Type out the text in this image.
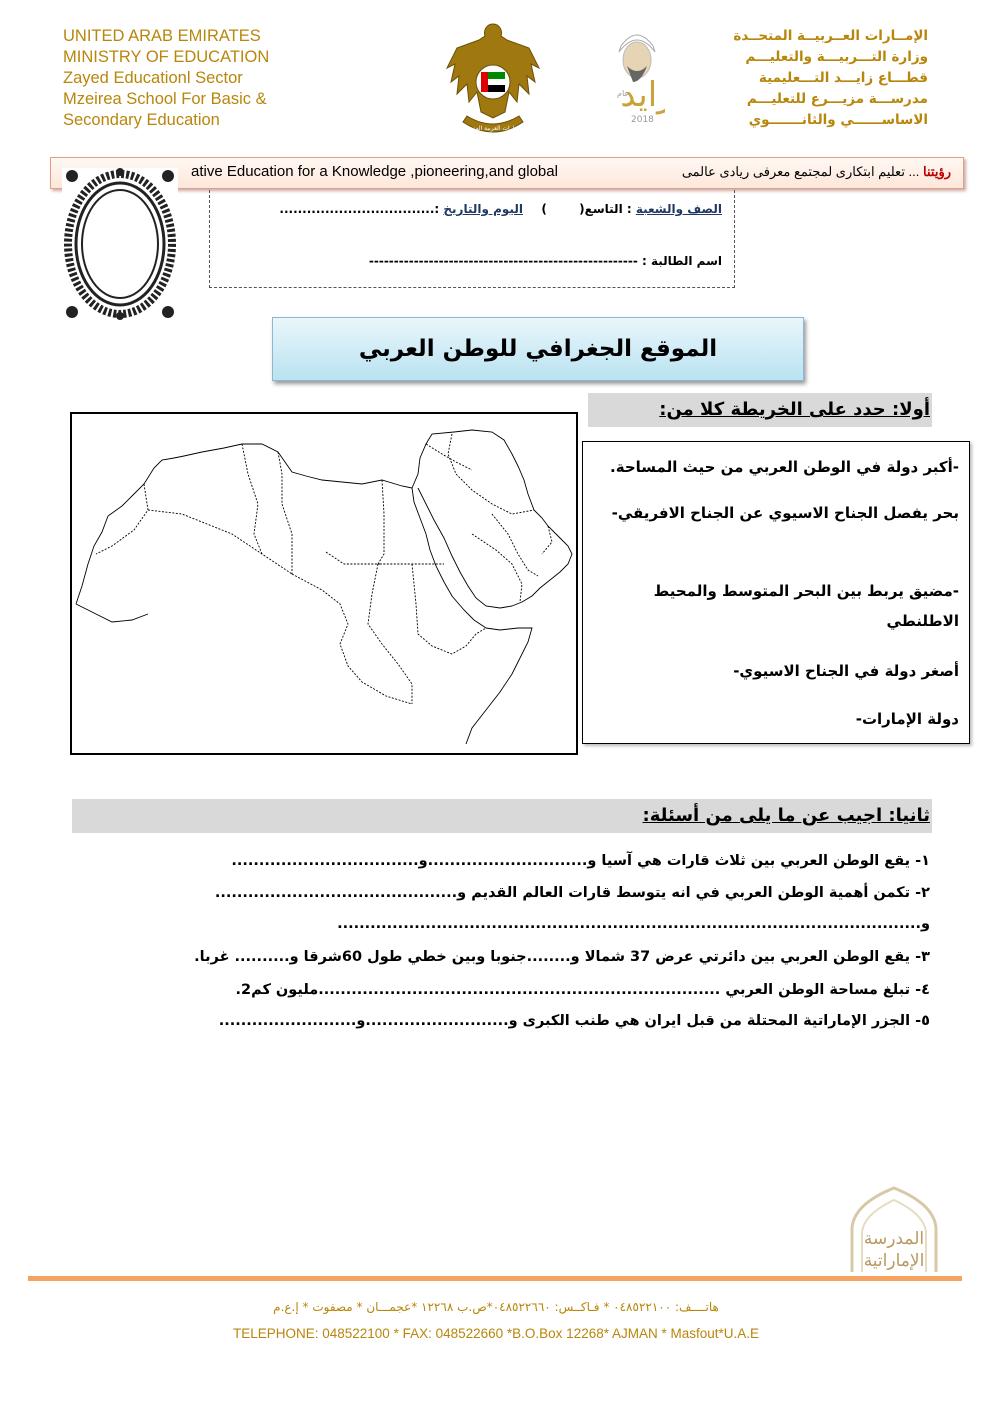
UNITED ARAB EMIRATES
MINISTRY OF EDUCATION
Zayed Educationl Sector
Mzeirea School For Basic &
Secondary Education	الإمارات العربية المتحدة
ايد
عام
2018
الإمــارات العــربيــة المتحــدة
وزارة التـــربيـــة والتعليـــم
قطـــاع زايـــد التـــعليمية
مدرســـة مزيـــرع للتعليـــم
الاساســــــي والثانـــــــوي
ative Education for a Knowledge ,pioneering,and global	رؤيتنا ... تعليم ابتكارى لمجتمع معرفى ريادى عالمى
الصف والشعبة : التاسع(  )  اليوم والتاريخ :..................................
اسم الطالبة : ------------------------------------------------------
الموقع الجغرافي للوطن العربي
أولا: حدد على الخريطة كلا من:
-أكبر دولة في الوطن العربي من حيث المساحة.
بحر يفصل الجناح الاسيوي عن الجناح الافريقي-
-مضيق يربط بين البحر المتوسط والمحيط الاطلنطي
أصغر دولة في الجناح الاسيوي-
دولة الإمارات-
ثانيا: اجيب عن ما يلى من أسئلة:
١- يقع الوطن العربي بين ثلاث قارات هي آسيا و.............................و..................................
٢- تكمن أهمية الوطن العربي في انه يتوسط قارات العالم القديم و............................................
و..........................................................................................................
٣- يقع الوطن العربي بين دائرتي عرض 37 شمالا و........جنوبا وبين خطي طول 60شرقا و.......... غربا.
٤- تبلغ مساحة الوطن العربي .........................................................................مليون كم2.
٥- الجزر الإماراتية المحتلة من قبل ايران هي طنب الكبرى و..........................و.........................
المدرسة
الإماراتية
هاتــــف: ٠٤٨٥٢٢١٠٠ * فـاكــس: ٠٤٨٥٢٢٦٦٠*ص.ب ١٢٢٦٨ *عجمـــان * مصفوت * إ.ع.م
TELEPHONE: 048522100 * FAX: 048522660 *B.O.Box 12268* AJMAN * Masfout*U.A.E
